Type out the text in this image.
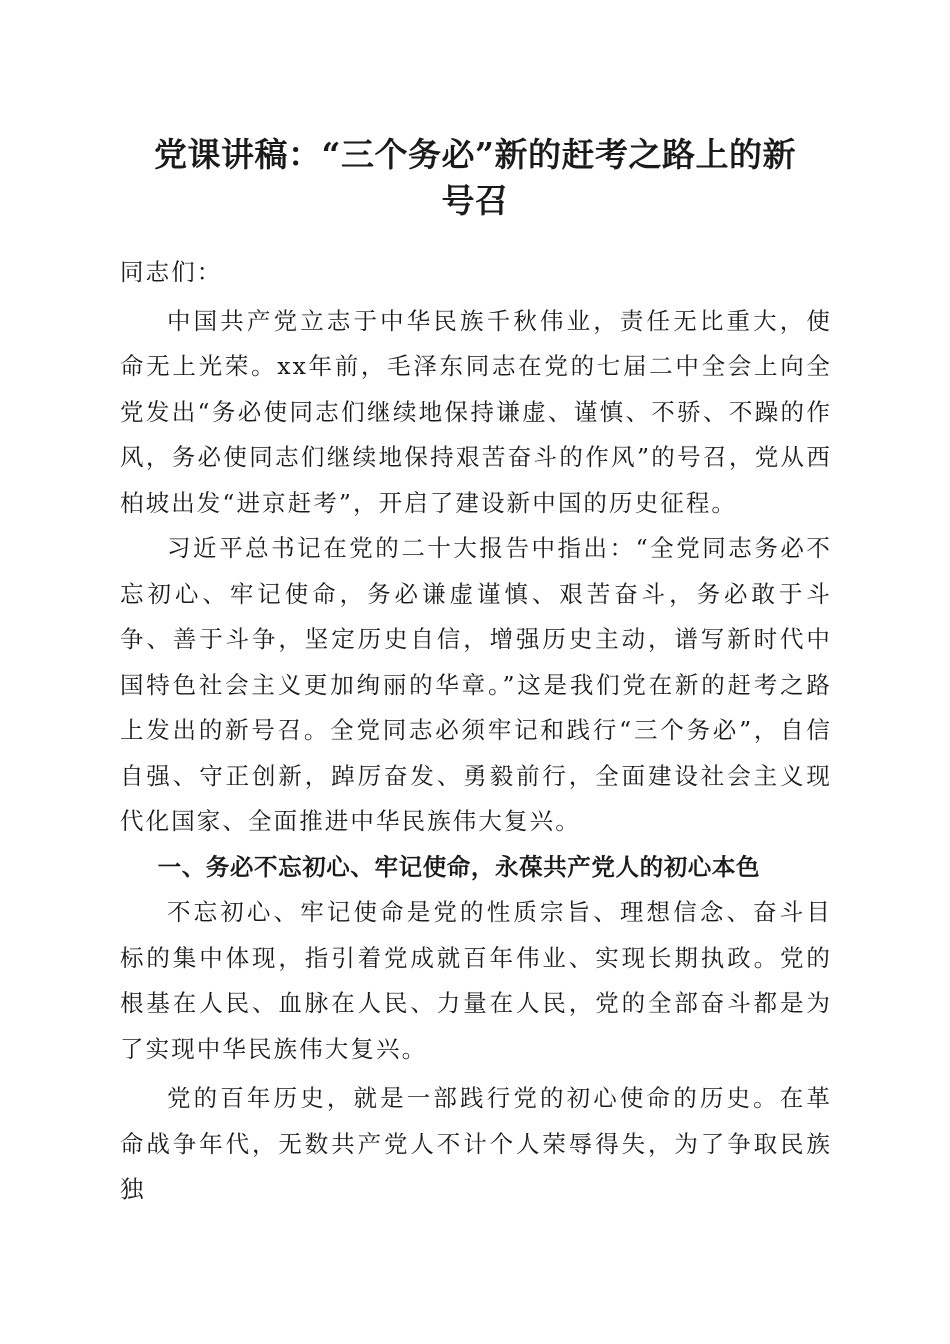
党课讲稿：“三个务必”新的赶考之路上的新
号召

同志们：

中国共产党立志于中华民族千秋伟业，责任无比重大，使命无上光荣。xx年前，毛泽东同志在党的七届二中全会上向全党发出“务必使同志们继续地保持谦虚、谨慎、不骄、不躁的作风，务必使同志们继续地保持艰苦奋斗的作风”的号召，党从西柏坡出发“进京赶考”，开启了建设新中国的历史征程。

习近平总书记在党的二十大报告中指出：“全党同志务必不忘初心、牢记使命，务必谦虚谨慎、艰苦奋斗，务必敢于斗争、善于斗争，坚定历史自信，增强历史主动，谱写新时代中国特色社会主义更加绚丽的华章。”这是我们党在新的赶考之路上发出的新号召。全党同志必须牢记和践行“三个务必”，自信自强、守正创新，踔厉奋发、勇毅前行，全面建设社会主义现代化国家、全面推进中华民族伟大复兴。

一、务必不忘初心、牢记使命，永葆共产党人的初心本色

不忘初心、牢记使命是党的性质宗旨、理想信念、奋斗目标的集中体现，指引着党成就百年伟业、实现长期执政。党的根基在人民、血脉在人民、力量在人民，党的全部奋斗都是为了实现中华民族伟大复兴。

党的百年历史，就是一部践行党的初心使命的历史。在革命战争年代，无数共产党人不计个人荣辱得失，为了争取民族独
